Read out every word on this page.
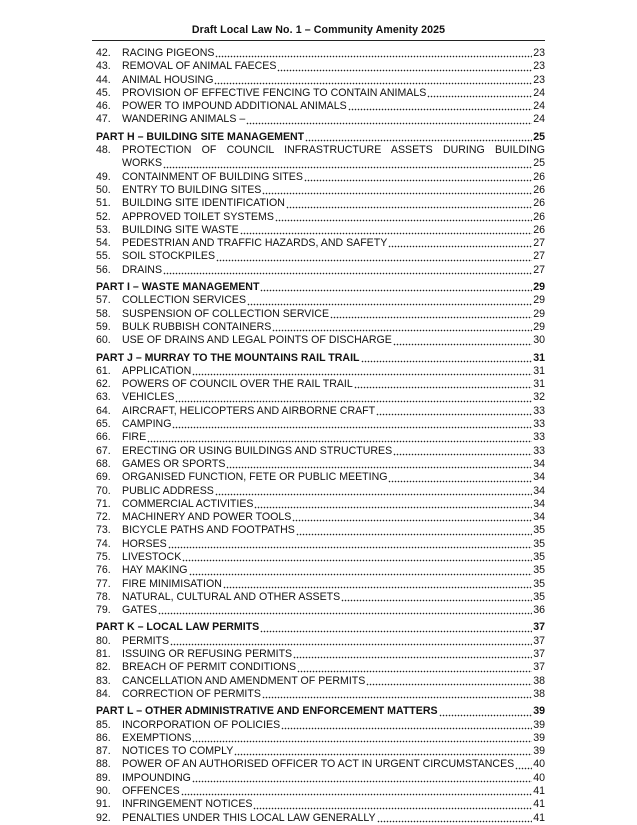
Draft Local Law No. 1 – Community Amenity 2025
42.	RACING PIGEONS	23
43.	REMOVAL OF ANIMAL FAECES	23
44.	ANIMAL HOUSING	23
45.	PROVISION OF EFFECTIVE FENCING TO CONTAIN ANIMALS	24
46.	POWER TO IMPOUND ADDITIONAL ANIMALS	24
47.	WANDERING ANIMALS –	24
PART H – BUILDING SITE MANAGEMENT	25
48.	PROTECTION OF COUNCIL INFRASTRUCTURE ASSETS DURING BUILDING
WORKS	25
49.	CONTAINMENT OF BUILDING SITES	26
50.	ENTRY TO BUILDING SITES	26
51.	BUILDING SITE IDENTIFICATION	26
52.	APPROVED TOILET SYSTEMS	26
53.	BUILDING SITE WASTE	26
54.	PEDESTRIAN AND TRAFFIC HAZARDS, AND SAFETY	27
55.	SOIL STOCKPILES	27
56.	DRAINS	27
PART I – WASTE MANAGEMENT	29
57.	COLLECTION SERVICES	29
58.	SUSPENSION OF COLLECTION SERVICE	29
59.	BULK RUBBISH CONTAINERS	29
60.	USE OF DRAINS AND LEGAL POINTS OF DISCHARGE	30
PART J – MURRAY TO THE MOUNTAINS RAIL TRAIL	31
61.	APPLICATION	31
62.	POWERS OF COUNCIL OVER THE RAIL TRAIL	31
63.	VEHICLES	32
64.	AIRCRAFT, HELICOPTERS AND AIRBORNE CRAFT	33
65.	CAMPING	33
66.	FIRE	33
67.	ERECTING OR USING BUILDINGS AND STRUCTURES	33
68.	GAMES OR SPORTS	34
69.	ORGANISED FUNCTION, FETE OR PUBLIC MEETING	34
70.	PUBLIC ADDRESS	34
71.	COMMERCIAL ACTIVITIES	34
72.	MACHINERY AND POWER TOOLS	34
73.	BICYCLE PATHS AND FOOTPATHS	35
74.	HORSES	35
75.	LIVESTOCK	35
76.	HAY MAKING	35
77.	FIRE MINIMISATION	35
78.	NATURAL, CULTURAL AND OTHER ASSETS	35
79.	GATES	36
PART K – LOCAL LAW PERMITS	37
80.	PERMITS	37
81.	ISSUING OR REFUSING PERMITS	37
82.	BREACH OF PERMIT CONDITIONS	37
83.	CANCELLATION AND AMENDMENT OF PERMITS	38
84.	CORRECTION OF PERMITS	38
PART L – OTHER ADMINISTRATIVE AND ENFORCEMENT MATTERS	39
85.	INCORPORATION OF POLICIES	39
86.	EXEMPTIONS	39
87.	NOTICES TO COMPLY	39
88.	POWER OF AN AUTHORISED OFFICER TO ACT IN URGENT CIRCUMSTANCES 40
89.	IMPOUNDING	40
90.	OFFENCES	41
91.	INFRINGEMENT NOTICES	41
92.	PENALTIES UNDER THIS LOCAL LAW GENERALLY	41
